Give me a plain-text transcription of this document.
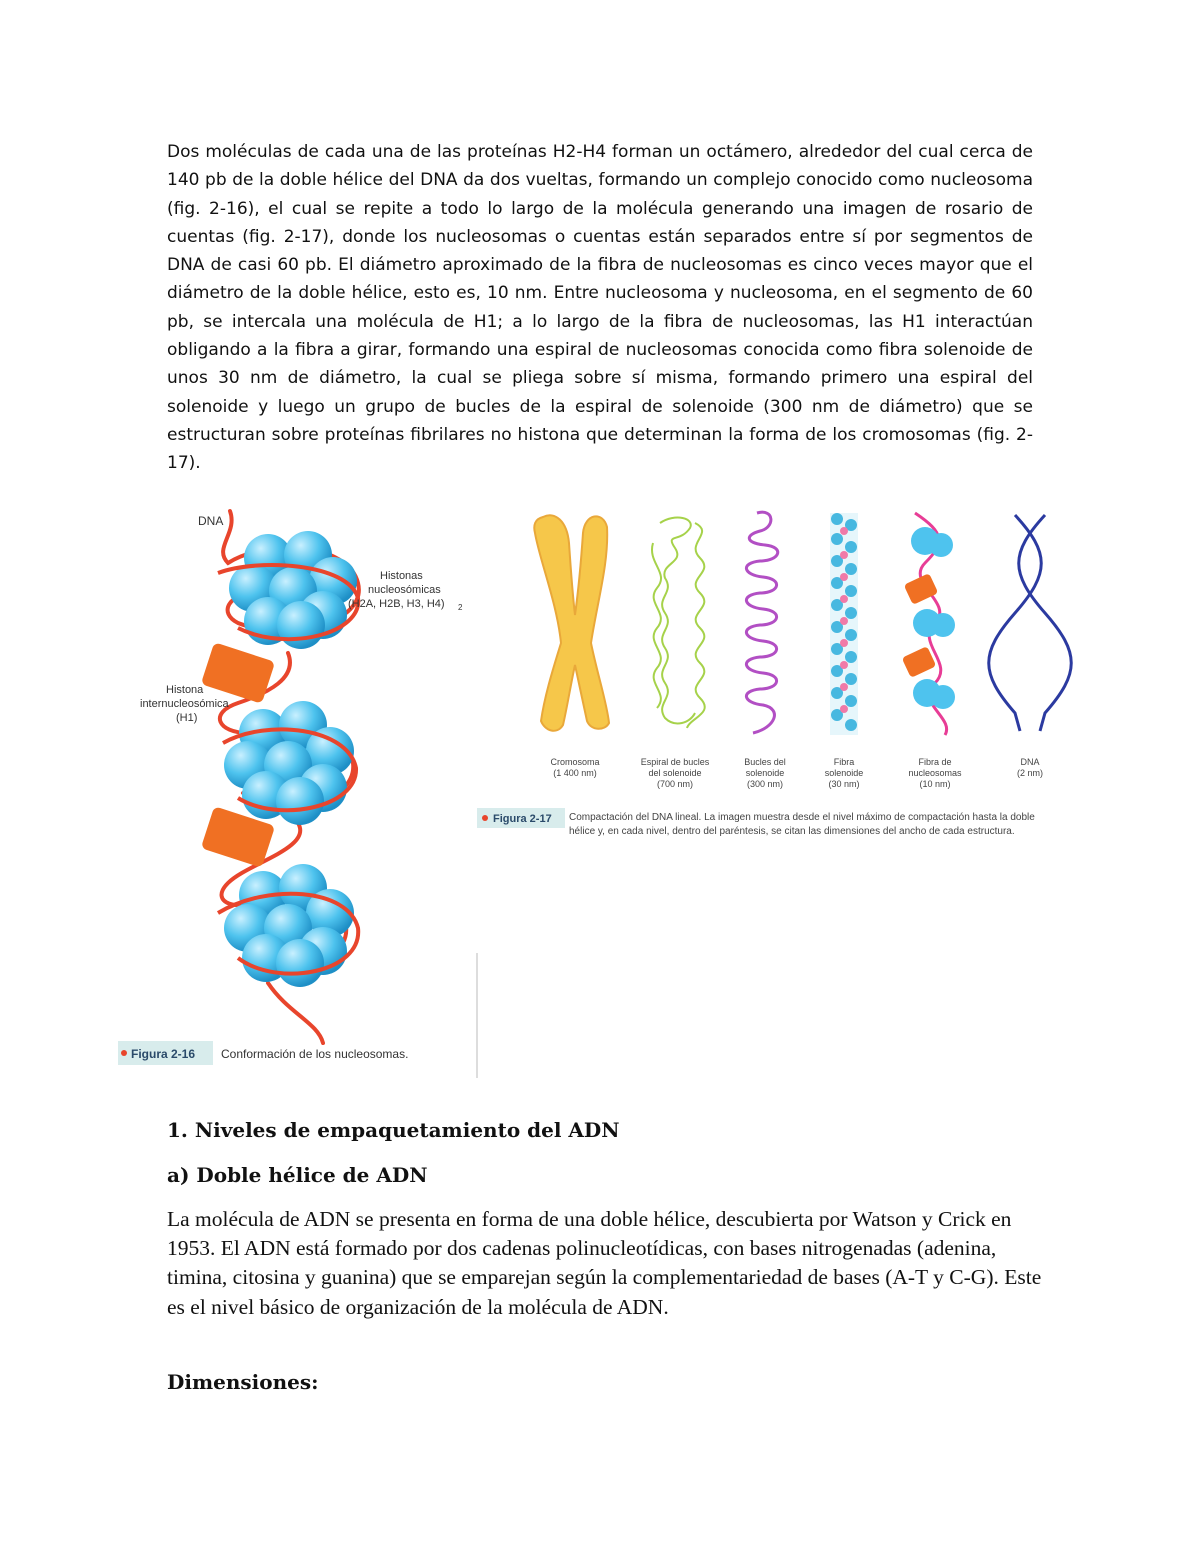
Dos moléculas de cada una de las proteínas H2-H4 forman un octámero, alrededor del cual cerca de 140 pb de la doble hélice del DNA da dos vueltas, formando un complejo conocido como nucleosoma (fig. 2-16), el cual se repite a todo lo largo de la molécula generando una imagen de rosario de cuentas (fig. 2-17), donde los nucleosomas o cuentas están separados entre sí por segmentos de DNA de casi 60 pb. El diámetro aproximado de la fibra de nucleosomas es cinco veces mayor que el diámetro de la doble hélice, esto es, 10 nm. Entre nucleosoma y nucleosoma, en el segmento de 60 pb, se intercala una molécula de H1; a lo largo de la fibra de nucleosomas, las H1 interactúan obligando a la fibra a girar, formando una espiral de nucleosomas conocida como fibra solenoide de unos 30 nm de diámetro, la cual se pliega sobre sí misma, formando primero una espiral del solenoide y luego un grupo de bucles de la espiral de solenoide (300 nm de diámetro) que se estructuran sobre proteínas fibrilares no histona que determinan la forma de los cromosomas (fig. 2-17).

DNA
Histonas
nucleosómicas
(H2A, H2B, H3, H4) 2
Histona
internucleosómica
(H1)
Figura 2-16 Conformación de los nucleosomas.
Cromosoma
(1 400 nm)
Espiral de bucles
del solenoide
(700 nm)
Bucles del
solenoide
(300 nm)
Fibra
solenoide
(30 nm)
Fibra de
nucleosomas
(10 nm)
DNA
(2 nm)
Figura 2-17 Compactación del DNA lineal. La imagen muestra desde el nivel máximo de compactación hasta la doble
hélice y, en cada nivel, dentro del paréntesis, se citan las dimensiones del ancho de cada estructura.
1. Niveles de empaquetamiento del ADN
a) Doble hélice de ADN

La molécula de ADN se presenta en forma de una doble hélice, descubierta por Watson y Crick en 1953. El ADN está formado por dos cadenas polinucleotídicas, con bases nitrogenadas (adenina, timina, citosina y guanina) que se emparejan según la complementariedad de bases (A-T y C-G). Este es el nivel básico de organización de la molécula de ADN.

Dimensiones:
